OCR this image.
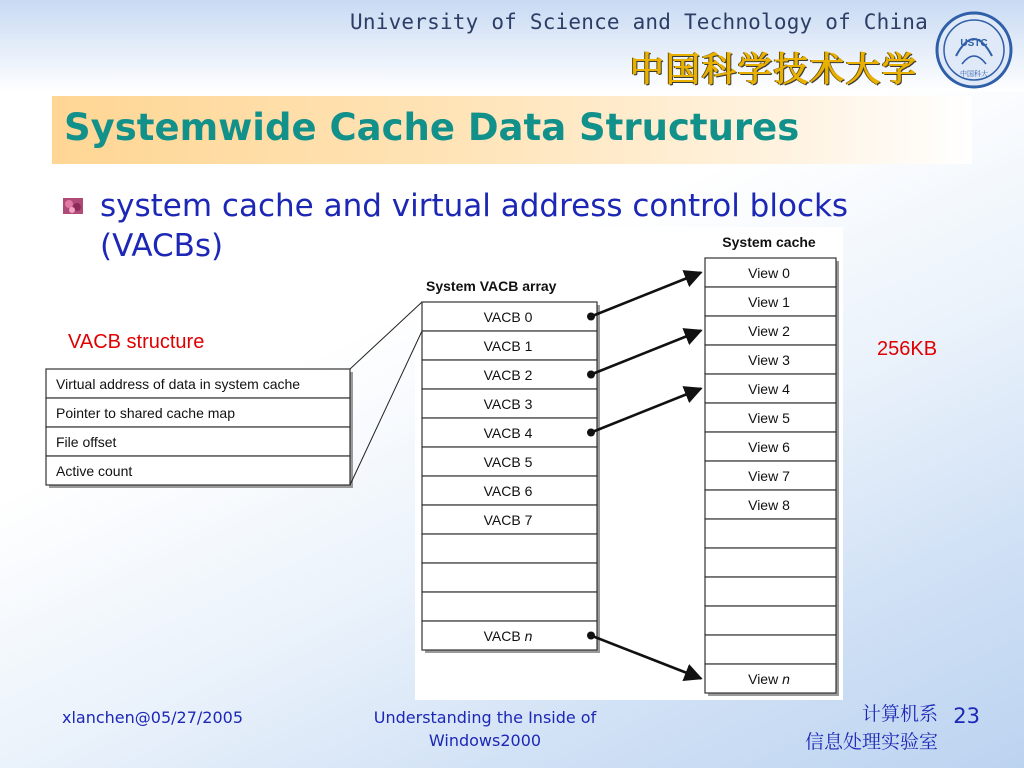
University of Science and Technology of China
中国科学技术大学
USTC
中国科大
Systemwide Cache Data Structures

system cache and virtual address control blocks (VACBs)

VACB structure	256KB
Virtual address of data in system cache
Pointer to shared cache map
File offset
Active count
System VACB array
VACB 0
VACB 1
VACB 2
VACB 3
VACB 4
VACB 5
VACB 6
VACB 7
VACB n
System cache
View 0
View 1
View 2
View 3
View 4
View 5
View 6
View 7
View 8
View n
xlanchen@05/27/2005	Understanding the Inside of Windows2000
计算机系
信息处理实验室
23
